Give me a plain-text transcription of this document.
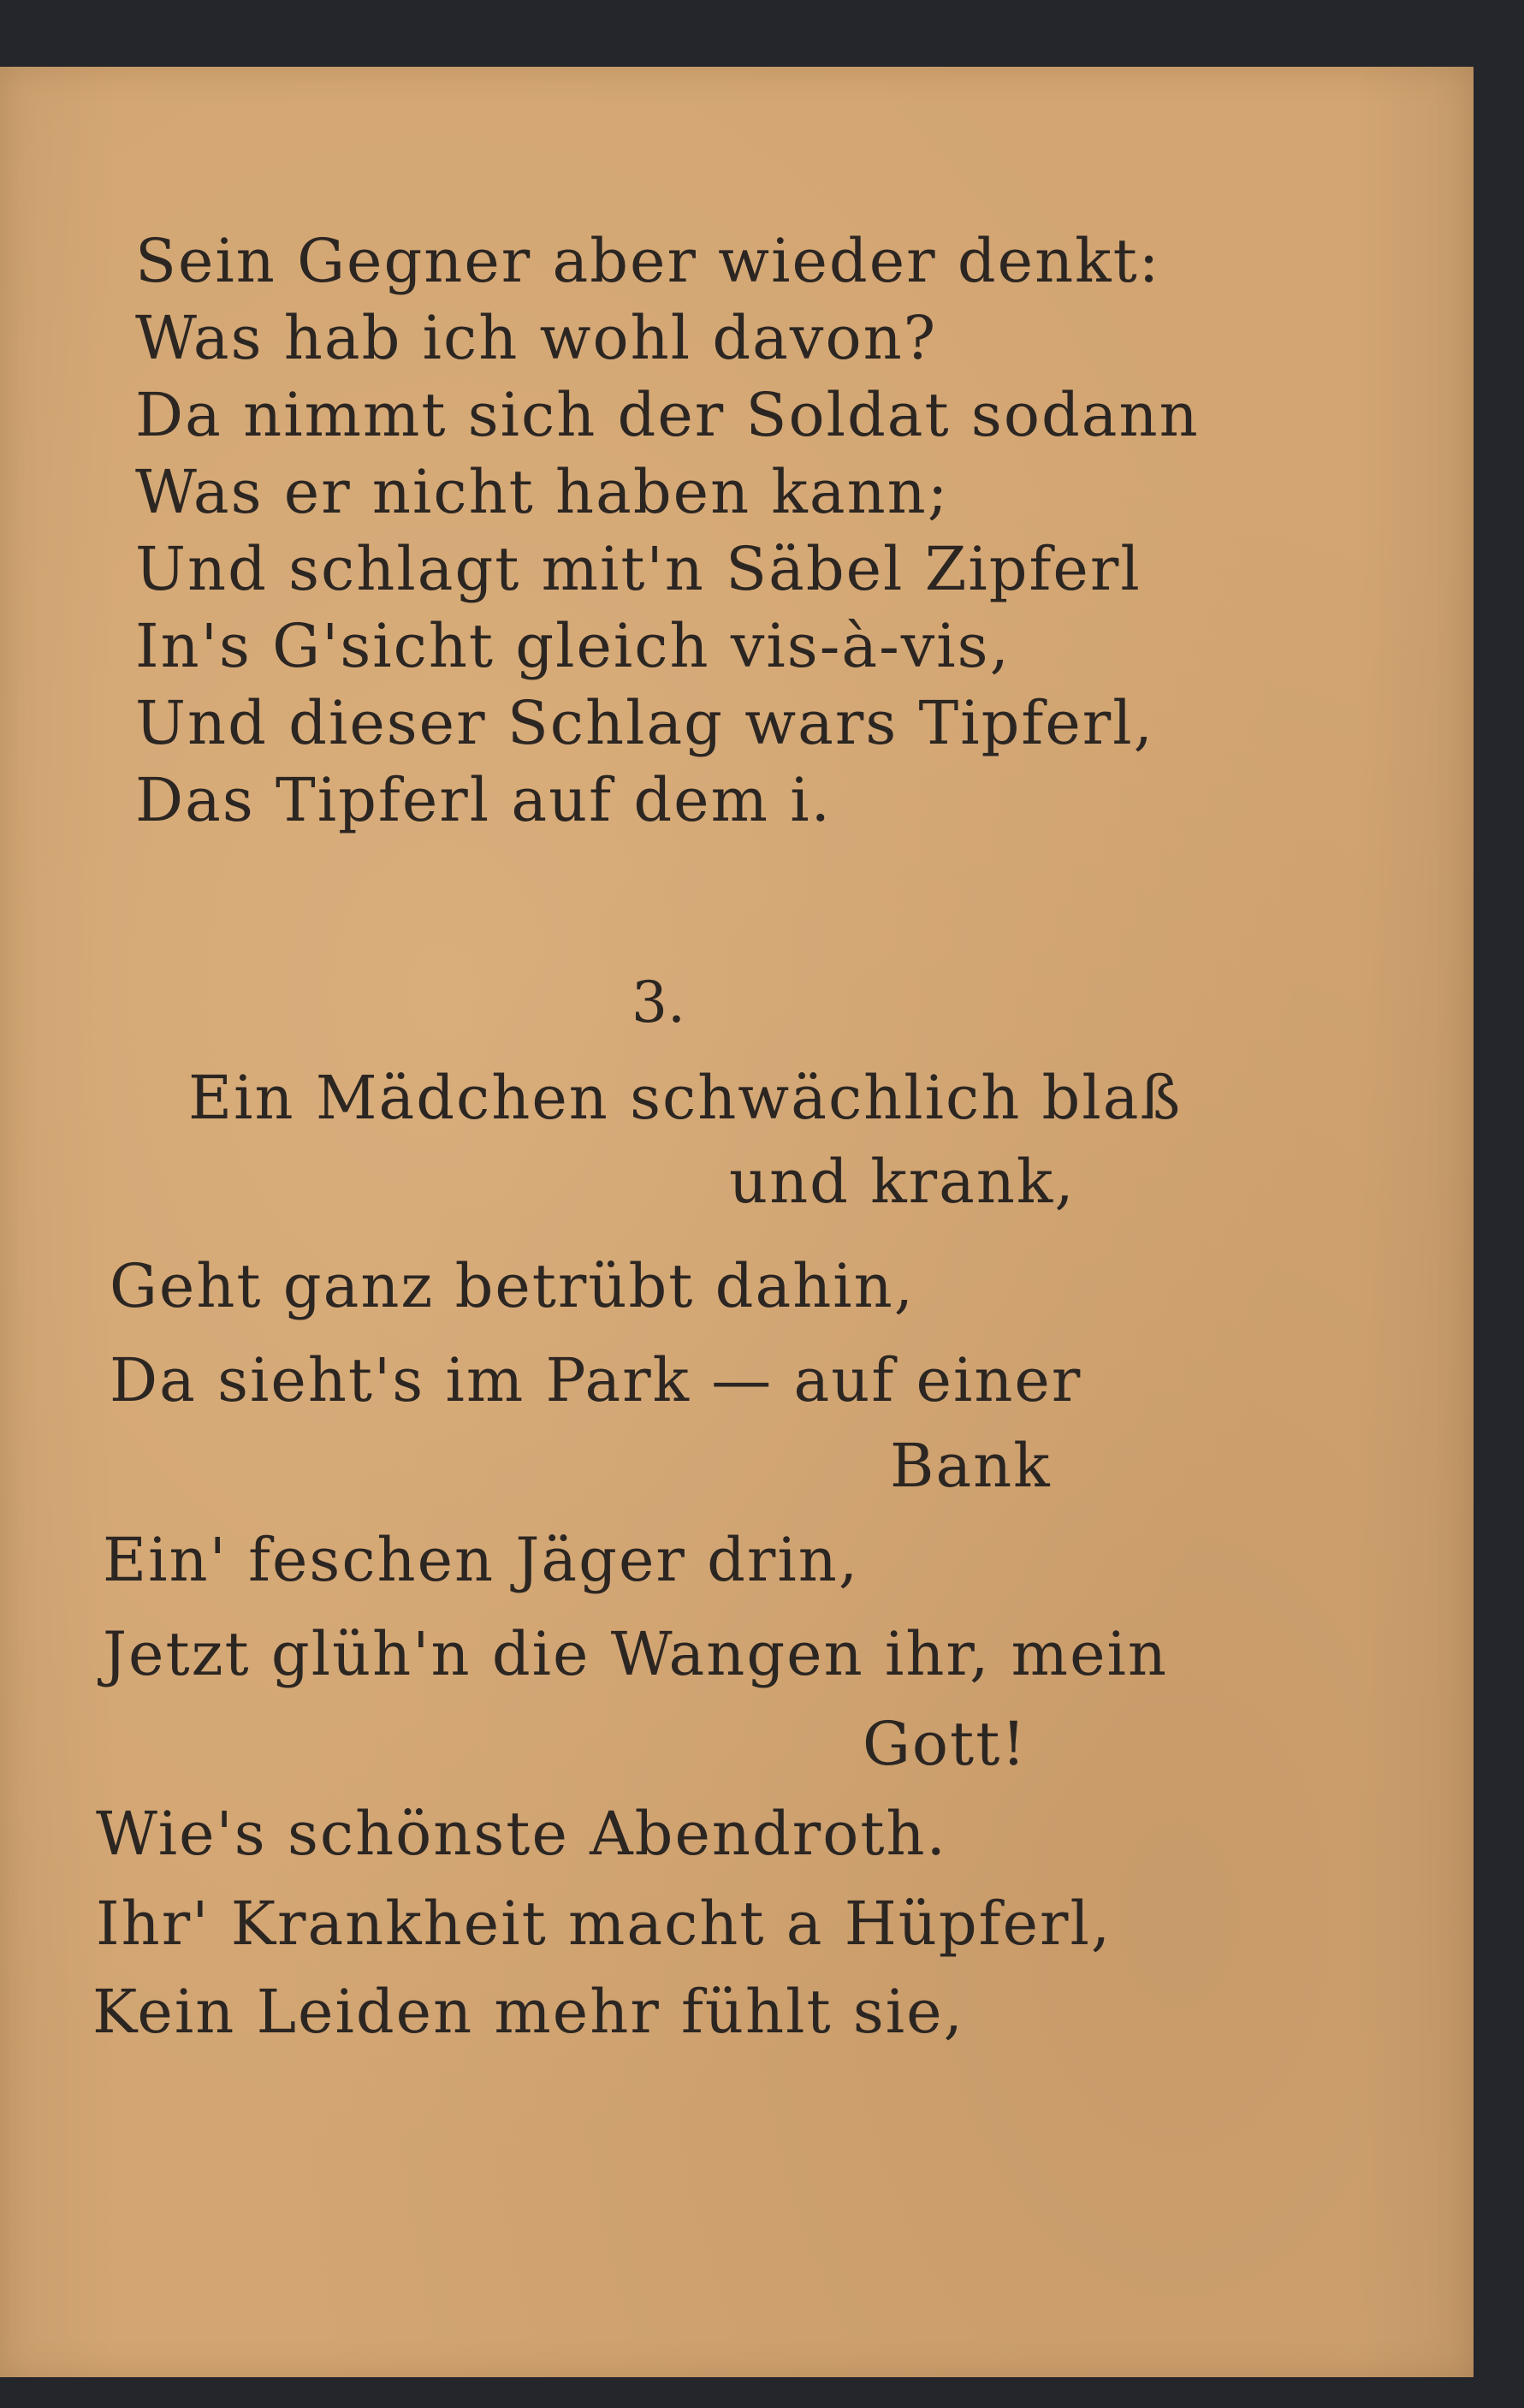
Sein Gegner aber wieder denkt:
Was hab ich wohl davon?
Da nimmt sich der Soldat sodann
Was er nicht haben kann;
Und schlagt mit'n Säbel Zipferl
In's G'sicht gleich vis-à-vis,
Und dieser Schlag wars Tipferl,
Das Tipferl auf dem i.
3.
Ein Mädchen schwächlich blaß
und krank,
Geht ganz betrübt dahin,
Da sieht's im Park — auf einer
Bank
Ein' feschen Jäger drin,
Jetzt glüh'n die Wangen ihr, mein
Gott!
Wie's schönste Abendroth.
Ihr' Krankheit macht a Hüpferl,
Kein Leiden mehr fühlt sie,
